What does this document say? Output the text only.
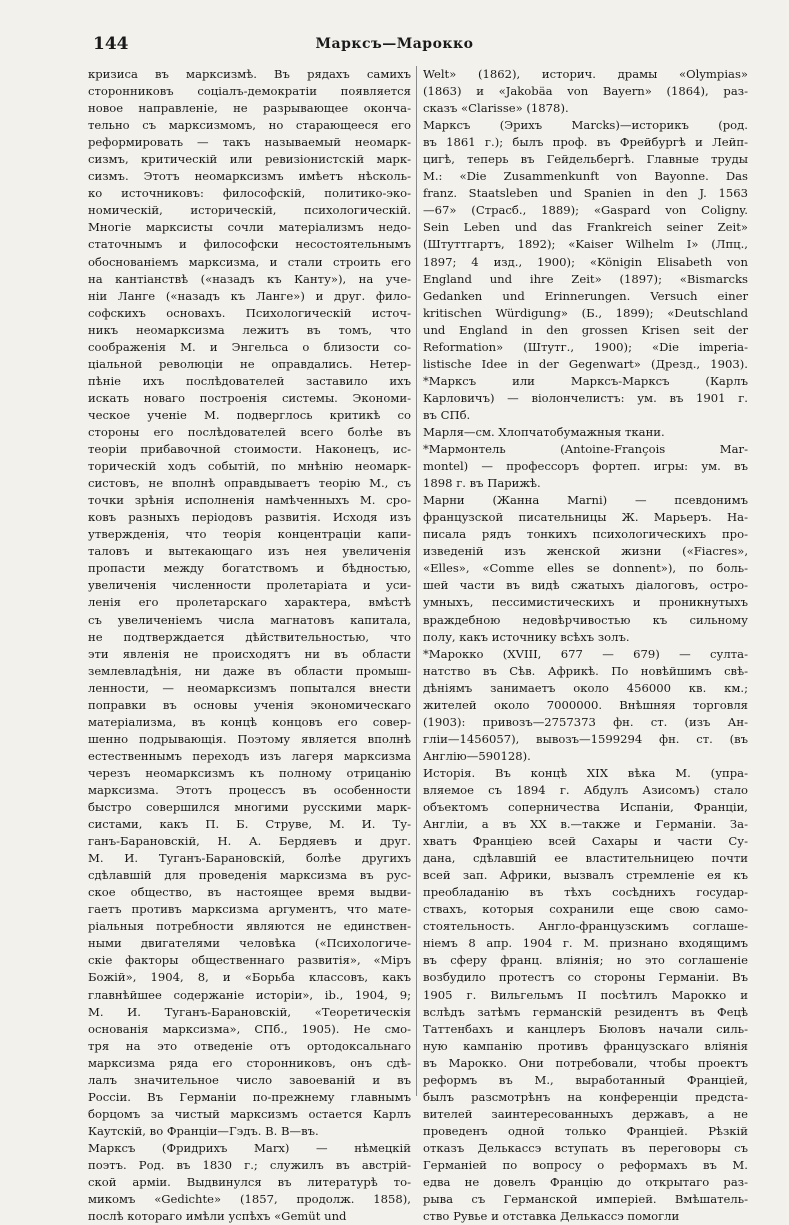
144	Марксъ—Марокко
кризиса въ марксизмѣ. Въ рядахъ самихъ
сторонниковъ соціалъ-демократіи появляется
новое направленіе, не разрывающее оконча-
тельно съ марксизмомъ, но старающееся его
реформировать — такъ называемый неомарк-
сизмъ, критическій или ревизіонистскій марк-
сизмъ. Этотъ неомарксизмъ имѣетъ нѣсколь-
ко источниковъ: философскій, политико-эко-
номическій, историческій, психологическій.
Многіе марксисты сочли матеріализмъ недо-
статочнымъ и философски несостоятельнымъ
обоснованіемъ марксизма, и стали строить его
на кантіанствѣ («назадъ къ Канту»), на уче-
ніи Ланге («назадъ къ Ланге») и друг. фило-
софскихъ основахъ. Психологическій источ-
никъ неомарксизма лежитъ въ томъ, что
соображенія М. и Энгельса о близости со-
ціальной революціи не оправдались. Нетер-
пѣніе ихъ послѣдователей заставило ихъ
искать новаго построенія системы. Экономи-
ческое ученіе М. подверглось критикѣ со
стороны его послѣдователей всего болѣе въ
теоріи прибавочной стоимости. Наконецъ, ис-
торическій ходъ событій, по мнѣнію неомарк-
систовъ, не вполнѣ оправдываетъ теорію М., съ
точки зрѣнія исполненія намѣченныхъ М. сро-
ковъ разныхъ періодовъ развитія. Исходя изъ
утвержденія, что теорія концентраціи капи-
таловъ и вытекающаго изъ нея увеличенія
пропасти между богатствомъ и бѣдностью,
увеличенія численности пролетаріата и уси-
ленія его пролетарскаго характера, вмѣстѣ
съ увеличеніемъ числа магнатовъ капитала,
не подтверждается дѣйствительностью, что
эти явленія не происходятъ ни въ области
землевладѣнія, ни даже въ области промыш-
ленности, — неомарксизмъ попытался внести
поправки въ основы ученія экономическаго
матеріализма, въ концѣ концовъ его совер-
шенно подрывающія. Поэтому является вполнѣ
естественнымъ переходъ изъ лагеря марксизма
черезъ неомарксизмъ къ полному отрицанію
марксизма. Этотъ процессъ въ особенности
быстро совершился многими русскими марк-
систами, какъ П. Б. Струве, М. И. Ту-
ганъ-Барановскій, Н. А. Бердяевъ и друг.
М. И. Туганъ-Барановскій, болѣе другихъ
сдѣлавшій для проведенія марксизма въ рус-
ское общество, въ настоящее время выдви-
гаетъ противъ марксизма аргументъ, что мате-
ріальныя потребности являются не единствен-
ными двигателями человѣка («Психологиче-
скіе факторы общественнаго развитія», «Міръ
Божій», 1904, 8, и «Борьба классовъ, какъ
главнѣйшее содержаніе исторіи», ib., 1904, 9;
М. И. Туганъ-Барановскій, «Теоретическія
основанія марксизма», СПб., 1905). Не смо-
тря на это отведеніе отъ ортодоксальнаго
марксизма ряда его сторонниковъ, онъ сдѣ-
лалъ значительное число завоеваній и въ
Россіи. Въ Германіи по-прежнему главнымъ
борцомъ за чистый марксизмъ остается Карлъ
Каутскій, во Франціи—Гэдъ. В. В—въ.
Марксъ (Фридрихъ Marx) — нѣмецкій
поэтъ. Род. въ 1830 г.; служилъ въ австрій-
ской арміи. Выдвинулся въ литературѣ то-
микомъ «Gedichte» (1857, продолж. 1858),
послѣ котораго имѣли успѣхъ «Gemüt und
Welt» (1862), историч. драмы «Olympias»
(1863) и «Jakobäa von Bayern» (1864), раз-
сказъ «Clarisse» (1878).
Марксъ (Эрихъ Marcks)—историкъ (род.
въ 1861 г.); былъ проф. въ Фрейбургѣ и Лейп-
цигѣ, теперь въ Гейдельбергѣ. Главные труды
М.: «Die Zusammenkunft von Bayonne. Das
franz. Staatsleben und Spanien in den J. 1563
—67» (Страсб., 1889); «Gaspard von Coligny.
Sein Leben und das Frankreich seiner Zeit»
(Штуттгартъ, 1892); «Kaiser Wilhelm I» (Лпц.,
1897; 4 изд., 1900); «Königin Elisabeth von
England und ihre Zeit» (1897); «Bismarcks
Gedanken und Erinnerungen. Versuch einer
kritischen Würdigung» (Б., 1899); «Deutschland
und England in den grossen Krisen seit der
Reformation» (Штутг., 1900); «Die imperia-
listische Idee in der Gegenwart» (Дрезд., 1903).
*Марксъ или Марксъ-Марксъ (Карлъ
Карловичъ) — віолончелистъ: ум. въ 1901 г.
въ СПб.
Марля—см. Хлопчатобумажныя ткани.
*Мармонтель (Antoine-François Mar-
montel) — профессоръ фортеп. игры: ум. въ
1898 г. въ Парижѣ.
Марни (Жанна Marni) — псевдонимъ
французской писательницы Ж. Марьеръ. На-
писала рядъ тонкихъ психологическихъ про-
изведеній изъ женской жизни («Fiacres»,
«Elles», «Comme elles se donnent»), по боль-
шей части въ видѣ сжатыхъ діалоговъ, остро-
умныхъ, пессимистическихъ и проникнутыхъ
враждебною недовѣрчивостью къ сильному
полу, какъ источнику всѣхъ золъ.
*Марокко (XVIII, 677 — 679) — султа-
натство въ Сѣв. Африкѣ. По новѣйшимъ свѣ-
дѣніямъ занимаетъ около 456000 кв. км.;
жителей около 7000000. Внѣшняя торговля
(1903): привозъ—2757373 фн. ст. (изъ Ан-
гліи—1456057), вывозъ—1599294 фн. ст. (въ
Англію—590128).
Исторія. Въ концѣ XIX вѣка М. (упра-
вляемое съ 1894 г. Абдулъ Азисомъ) стало
объектомъ соперничества Испаніи, Франціи,
Англіи, а въ XX в.—также и Германіи. За-
хватъ Франціею всей Сахары и части Су-
дана, сдѣлавшій ее властительницею почти
всей зап. Африки, вызвалъ стремленіе ея къ
преобладанію въ тѣхъ сосѣднихъ государ-
ствахъ, которыя сохранили еще свою само-
стоятельность. Англо-французскимъ соглаше-
ніемъ 8 апр. 1904 г. М. признано входящимъ
въ сферу франц. вліянія; но это соглашеніе
возбудило протестъ со стороны Германіи. Въ
1905 г. Вильгельмъ II посѣтилъ Марокко и
вслѣдъ затѣмъ германскій резидентъ въ Фецѣ
Таттенбахъ и канцлеръ Бюловъ начали силь-
ную кампанію противъ французскаго вліянія
въ Марокко. Они потребовали, чтобы проектъ
реформъ въ М., выработанный Франціей,
былъ разсмотрѣнъ на конференціи предста-
вителей заинтересованныхъ державъ, а не
проведенъ одной только Франціей. Рѣзкій
отказъ Делькассэ вступать въ переговоры съ
Германіей по вопросу о реформахъ въ М.
едва не довелъ Францію до открытаго раз-
рыва съ Германской имперіей. Вмѣшатель-
ство Рувье и отставка Делькассэ помогли
